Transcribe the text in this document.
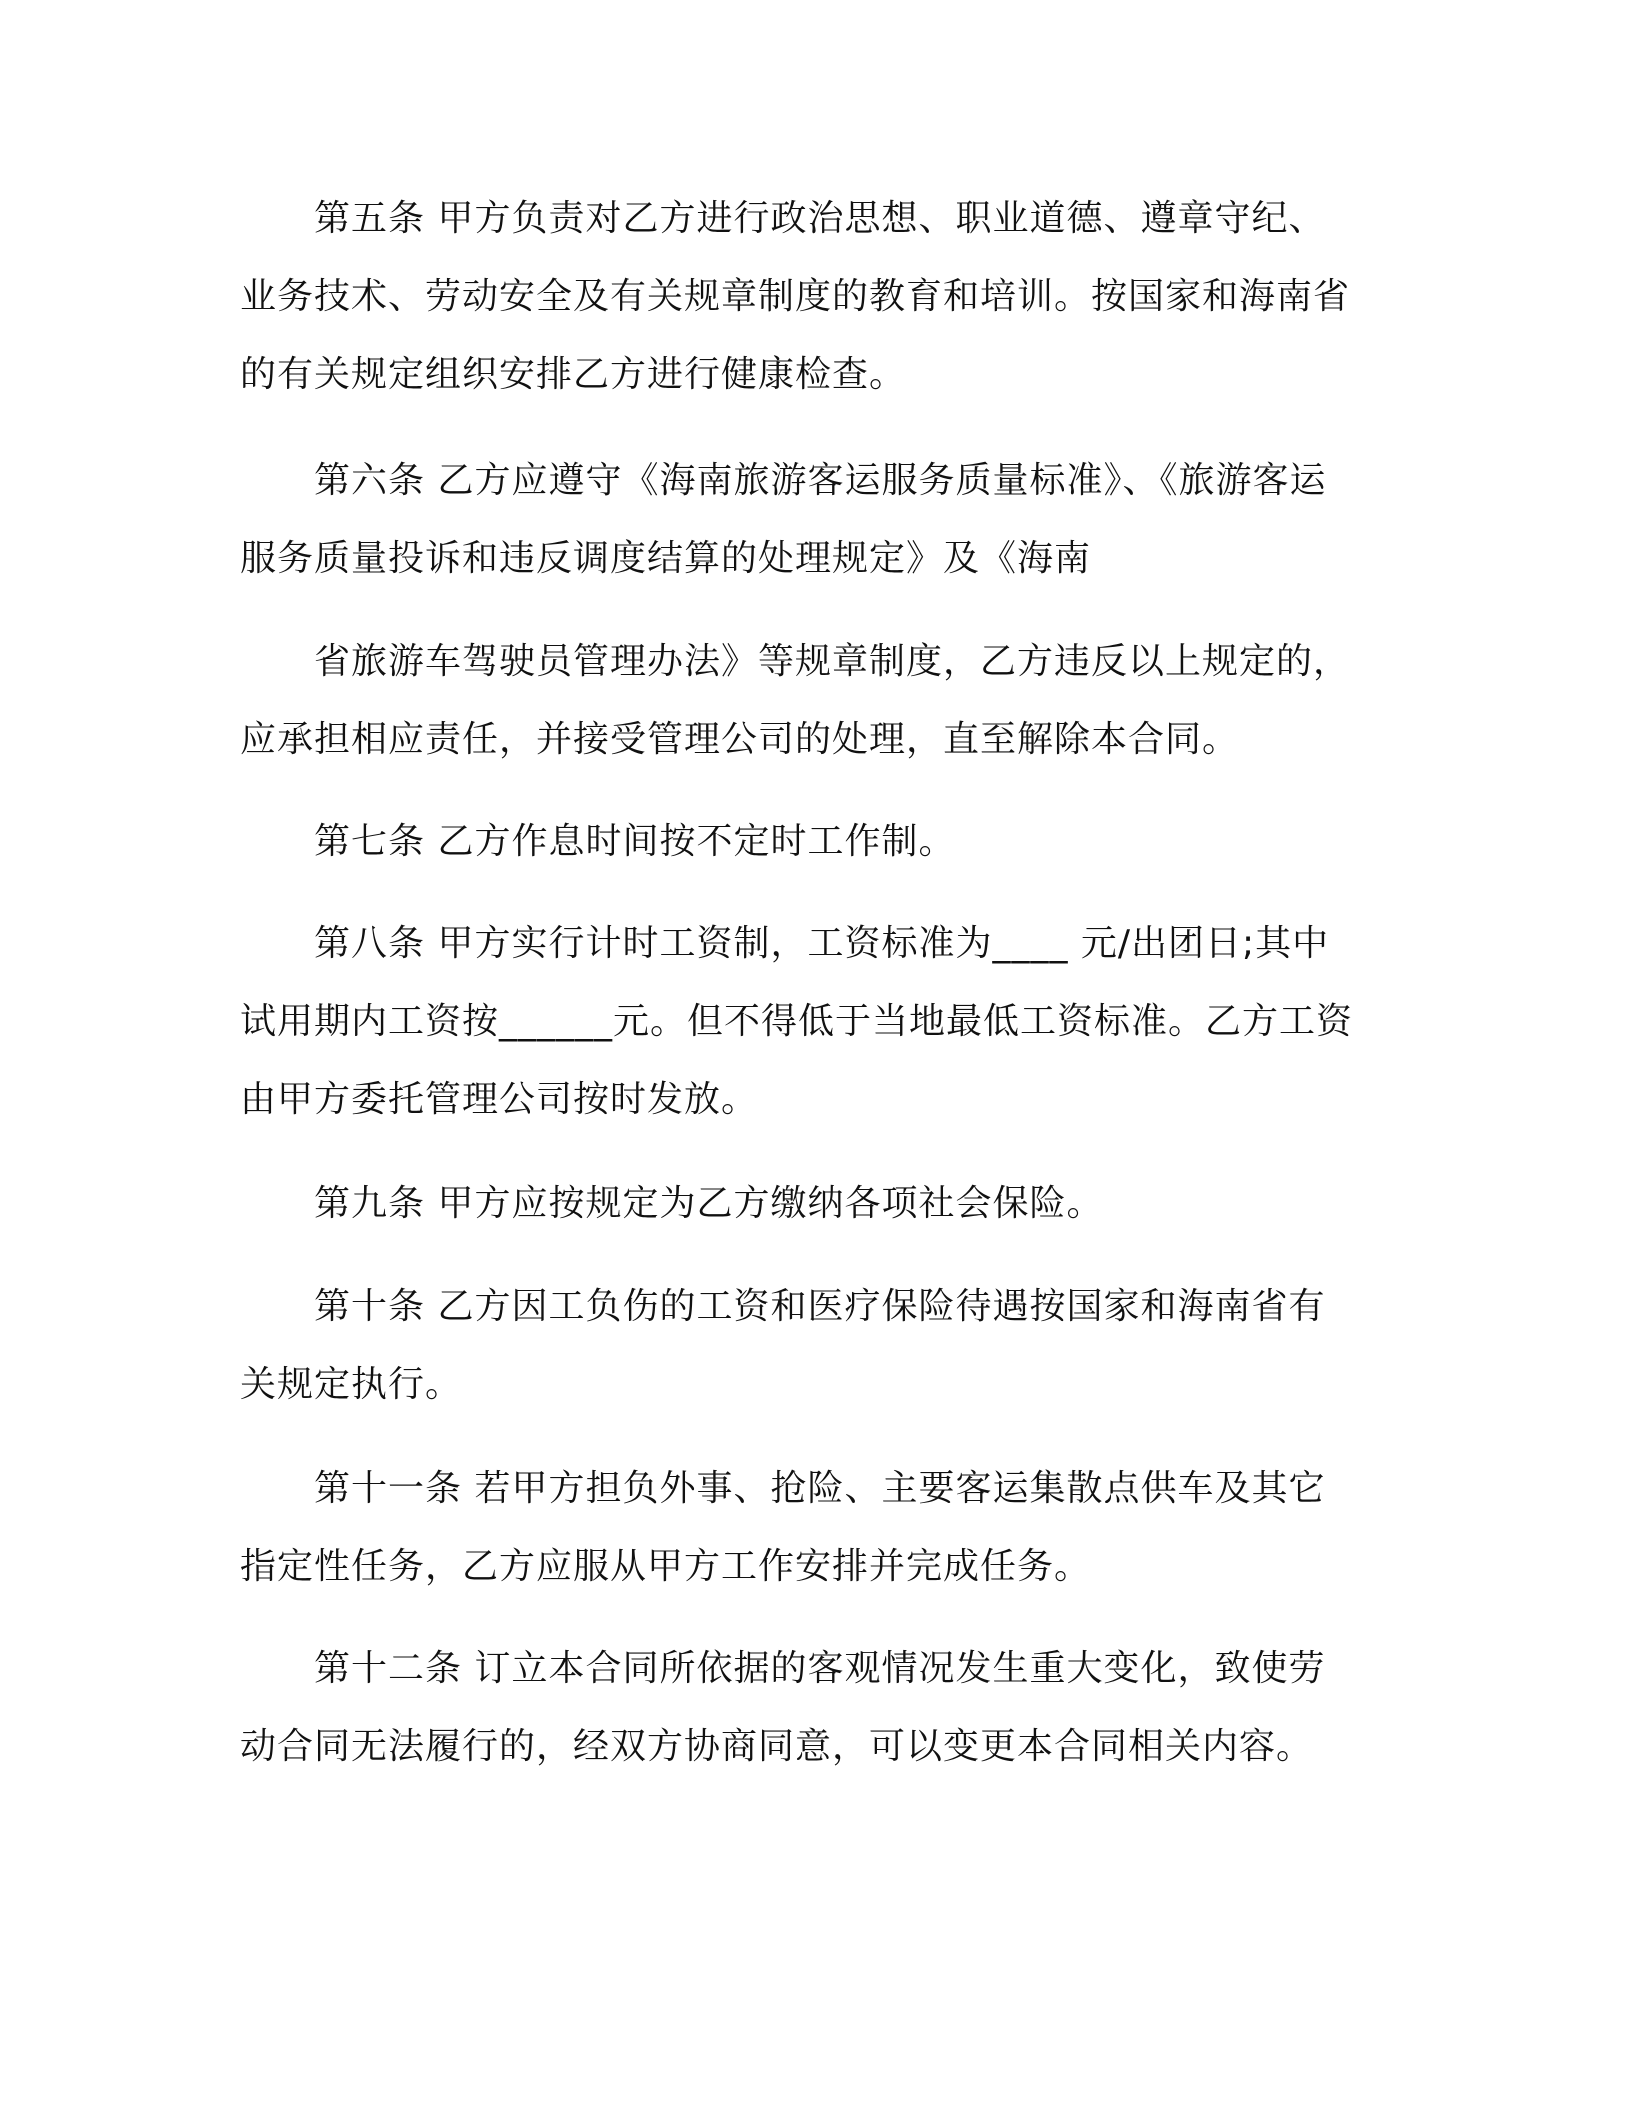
第五条 甲方负责对乙方进行政治思想、职业道德、遵章守纪、业务技术、劳动安全及有关规章制度的教育和培训。按国家和海南省的有关规定组织安排乙方进行健康检查。

第六条 乙方应遵守《海南旅游客运服务质量标准》、《旅游客运服务质量投诉和违反调度结算的处理规定》及《海南

省旅游车驾驶员管理办法》等规章制度，乙方违反以上规定的，应承担相应责任，并接受管理公司的处理，直至解除本合同。

第七条 乙方作息时间按不定时工作制。

第八条 甲方实行计时工资制，工资标准为____ 元/出团日;其中试用期内工资按______元。但不得低于当地最低工资标准。乙方工资由甲方委托管理公司按时发放。

第九条 甲方应按规定为乙方缴纳各项社会保险。

第十条 乙方因工负伤的工资和医疗保险待遇按国家和海南省有关规定执行。

第十一条 若甲方担负外事、抢险、主要客运集散点供车及其它指定性任务，乙方应服从甲方工作安排并完成任务。

第十二条 订立本合同所依据的客观情况发生重大变化，致使劳动合同无法履行的，经双方协商同意，可以变更本合同相关内容。
